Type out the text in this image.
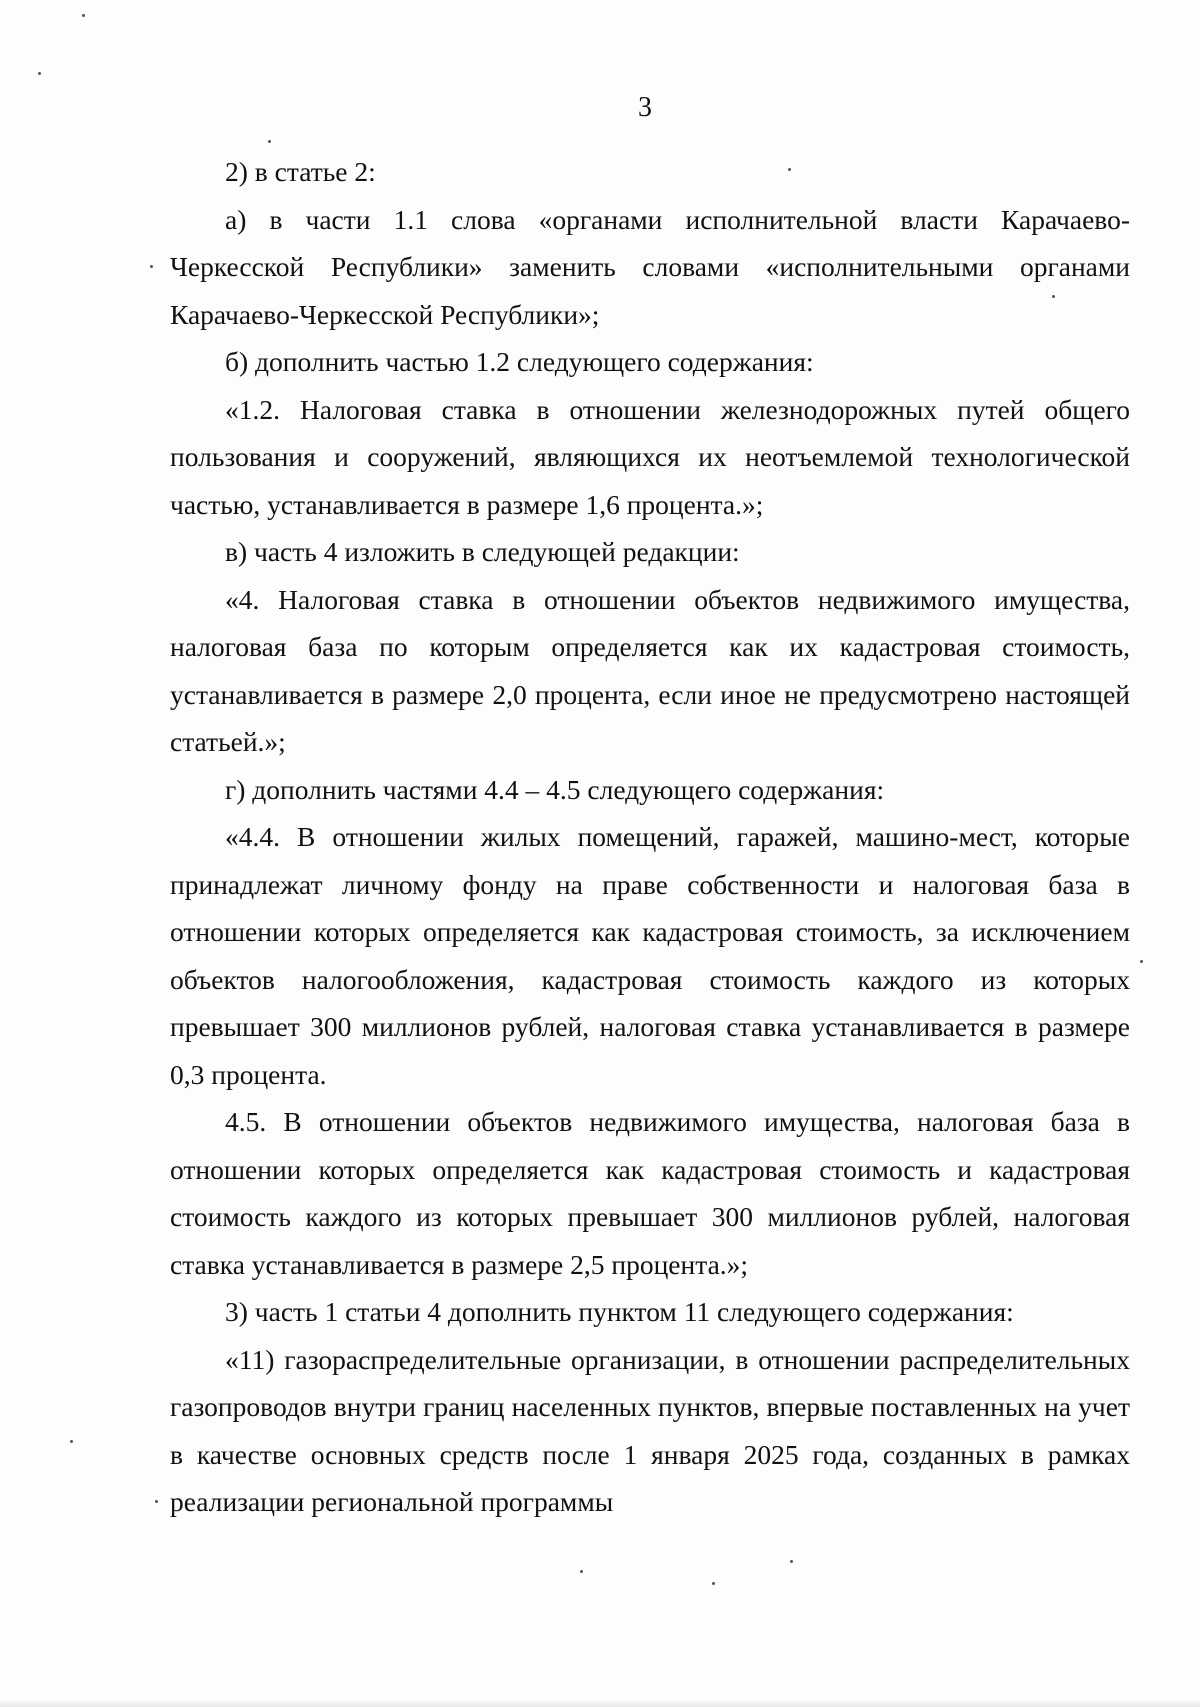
3

2) в статье 2:

а) в части 1.1 слова «органами исполнительной власти Карачаево-Черкесской Республики» заменить словами «исполнительными органами Карачаево-Черкесской Республики»;

б) дополнить частью 1.2 следующего содержания:

«1.2. Налоговая ставка в отношении железнодорожных путей общего пользования и сооружений, являющихся их неотъемлемой технологической частью, устанавливается в размере 1,6 процента.»;

в) часть 4 изложить в следующей редакции:

«4. Налоговая ставка в отношении объектов недвижимого имущества, налоговая база по которым определяется как их кадастровая стоимость, устанавливается в размере 2,0 процента, если иное не предусмотрено настоящей статьей.»;

г) дополнить частями 4.4 – 4.5 следующего содержания:

«4.4. В отношении жилых помещений, гаражей, машино-мест, которые принадлежат личному фонду на праве собственности и налоговая база в отношении которых определяется как кадастровая стоимость, за исключением объектов налогообложения, кадастровая стоимость каждого из которых превышает 300 миллионов рублей, налоговая ставка устанавливается в размере 0,3 процента.

4.5. В отношении объектов недвижимого имущества, налоговая база в отношении которых определяется как кадастровая стоимость и кадастровая стоимость каждого из которых превышает 300 миллионов рублей, налоговая ставка устанавливается в размере 2,5 процента.»;

3) часть 1 статьи 4 дополнить пунктом 11 следующего содержания:

«11) газораспределительные организации, в отношении распределительных газопроводов внутри границ населенных пунктов, впервые поставленных на учет в качестве основных средств после 1 января 2025 года, созданных в рамках реализации региональной программы
